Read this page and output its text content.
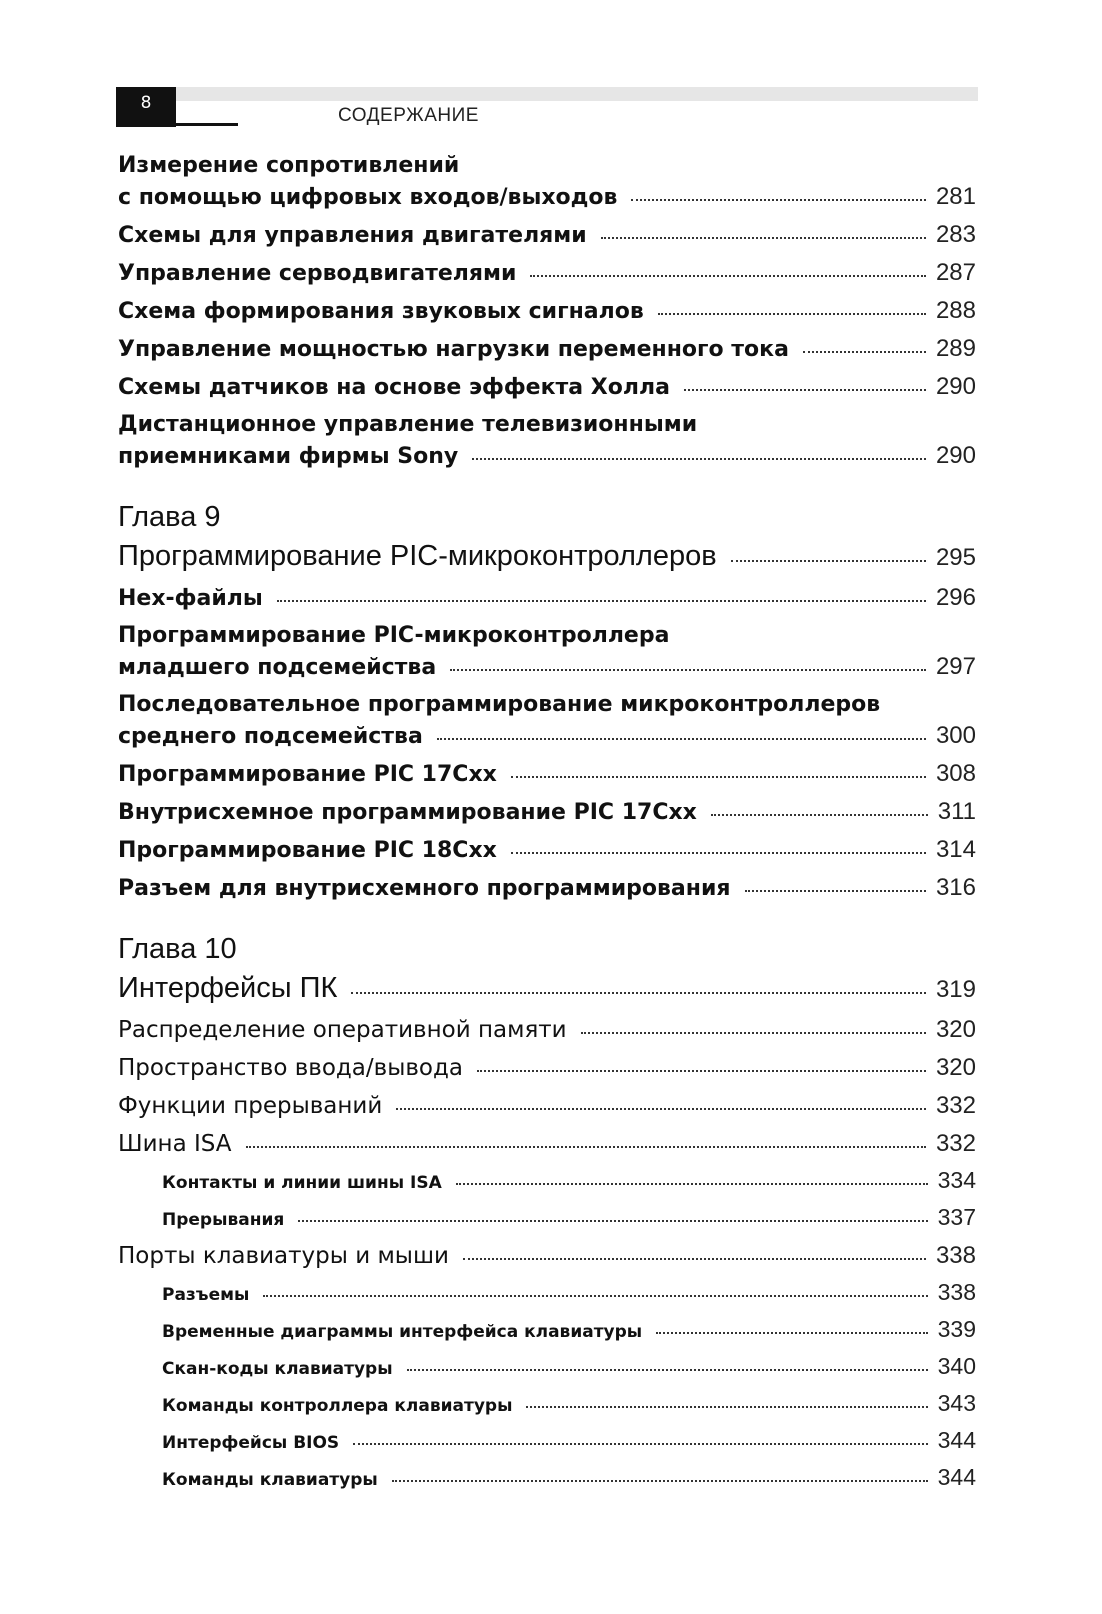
8
СОДЕРЖАНИЕ
Измерение сопротивлений
с помощью цифровых входов/выходов	281
Схемы для управления двигателями	283
Управление серводвигателями	287
Схема формирования звуковых сигналов	288
Управление мощностью нагрузки переменного тока	289
Схемы датчиков на основе эффекта Холла	290
Дистанционное управление телевизионными
приемниками фирмы Sony	290
Глава 9
Программирование PIC-микроконтроллеров	295
Hex-файлы	296
Программирование PIC-микроконтроллера
младшего подсемейства	297
Последовательное программирование микроконтроллеров
среднего подсемейства	300
Программирование PIC 17Cxx	308
Внутрисхемное программирование PIC 17Cxx	311
Программирование PIC 18Cxx	314
Разъем для внутрисхемного программирования	316
Глава 10
Интерфейсы ПК	319
Распределение оперативной памяти	320
Пространство ввода/вывода	320
Функции прерываний	332
Шина ISA	332
Контакты и линии шины ISA	334
Прерывания	337
Порты клавиатуры и мыши	338
Разъемы	338
Временные диаграммы интерфейса клавиатуры	339
Скан-коды клавиатуры	340
Команды контроллера клавиатуры	343
Интерфейсы BIOS	344
Команды клавиатуры	344
